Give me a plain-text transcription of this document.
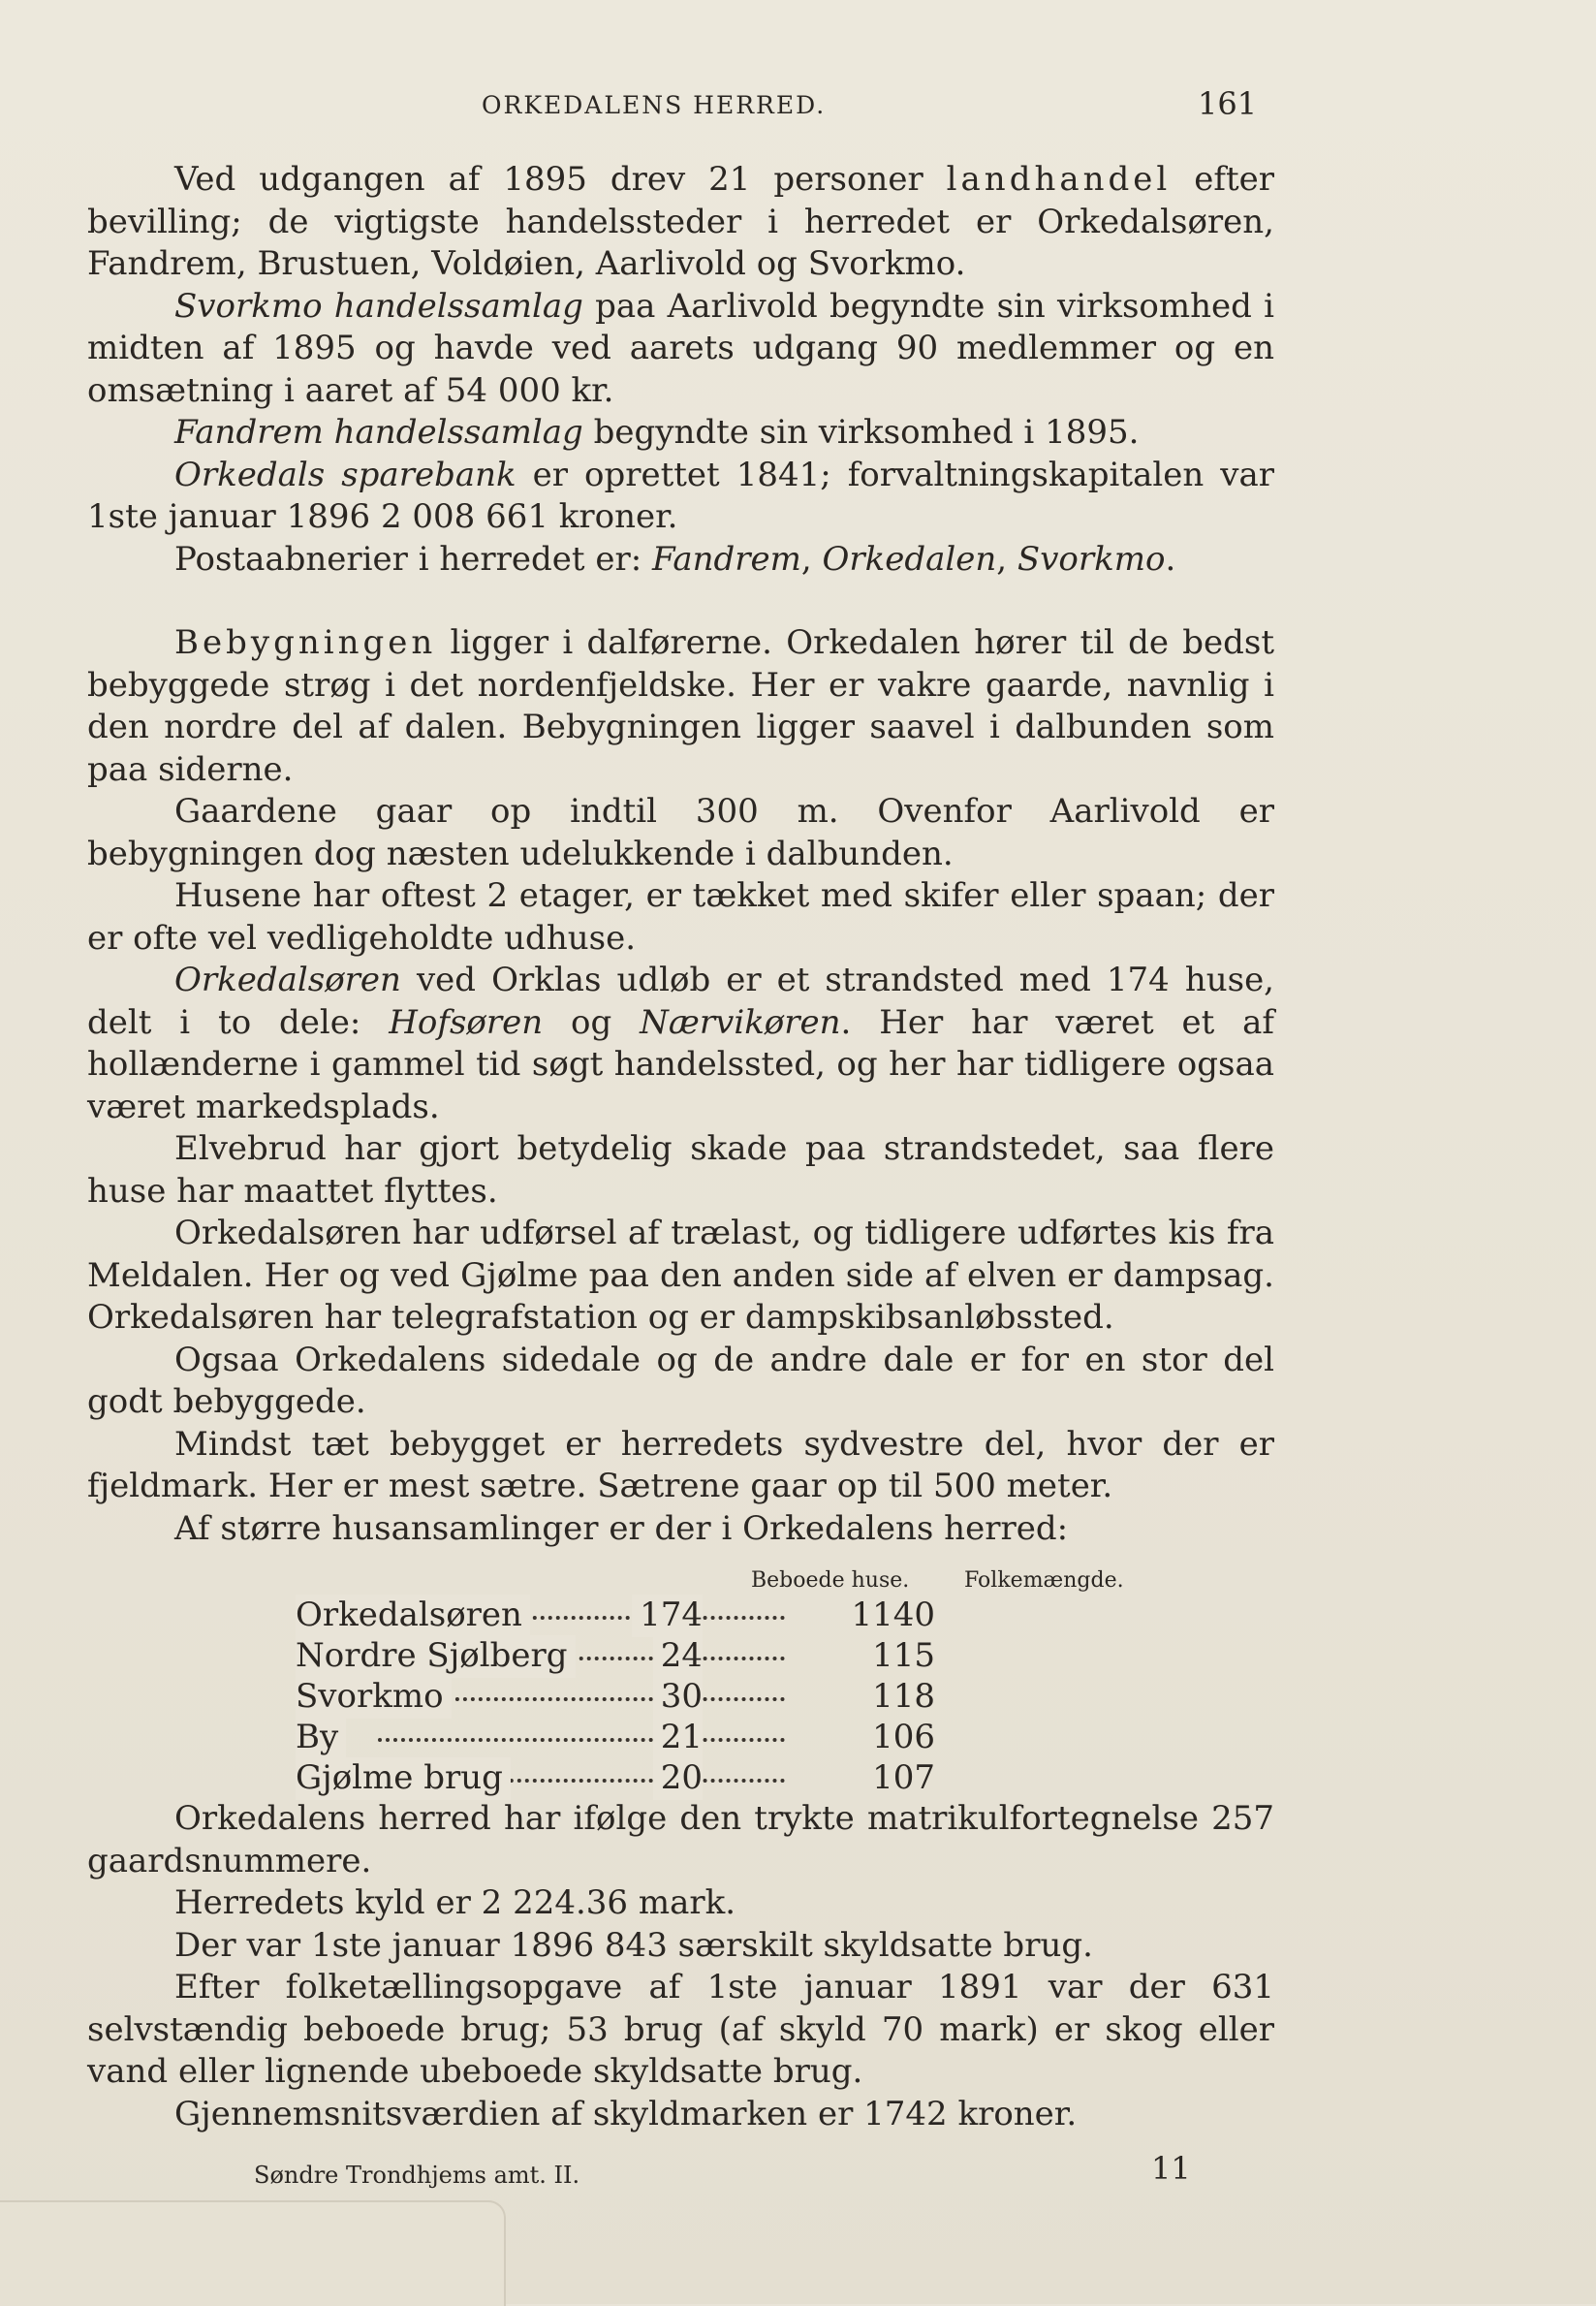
ORKEDALENS HERRED.	161

Ved udgangen af 1895 drev 21 personer landhandel efter bevilling; de vigtigste handelssteder i herredet er Orkedalsøren, Fandrem, Brustuen, Voldøien, Aarlivold og Svorkmo.

Svorkmo handelssamlag paa Aarlivold begyndte sin virksomhed i midten af 1895 og havde ved aarets udgang 90 medlemmer og en omsætning i aaret af 54 000 kr.

Fandrem handelssamlag begyndte sin virksomhed i 1895.

Orkedals sparebank er oprettet 1841; forvaltningskapitalen var 1ste januar 1896 2 008 661 kroner.

Postaabnerier i herredet er: Fandrem, Orkedalen, Svorkmo.

Bebygningen ligger i dalførerne. Orkedalen hører til de bedst bebyggede strøg i det nordenfjeldske. Her er vakre gaarde, navnlig i den nordre del af dalen. Bebygningen ligger saavel i dalbunden som paa siderne.

Gaardene gaar op indtil 300 m. Ovenfor Aarlivold er bebygningen dog næsten udelukkende i dalbunden.

Husene har oftest 2 etager, er tækket med skifer eller spaan; der er ofte vel vedligeholdte udhuse.

Orkedalsøren ved Orklas udløb er et strandsted med 174 huse, delt i to dele: Hofsøren og Nærvikøren. Her har været et af hollænderne i gammel tid søgt handelssted, og her har tidligere ogsaa været markedsplads.

Elvebrud har gjort betydelig skade paa strandstedet, saa flere huse har maattet flyttes.

Orkedalsøren har udførsel af trælast, og tidligere udførtes kis fra Meldalen. Her og ved Gjølme paa den anden side af elven er dampsag. Orkedalsøren har telegrafstation og er dampskibsanløbssted.

Ogsaa Orkedalens sidedale og de andre dale er for en stor del godt bebyggede.

Mindst tæt bebygget er herredets sydvestre del, hvor der er fjeldmark. Her er mest sætre. Sætrene gaar op til 500 meter.

Af større husansamlinger er der i Orkedalens herred:

Beboede huse.	Folkemængde.
Orkedalsøren	174	1140
Nordre Sjølberg	24	115
Svorkmo	30	118
By	21	106
Gjølme brug	20	107

Orkedalens herred har ifølge den trykte matrikulfortegnelse 257 gaardsnummere.

Herredets kyld er 2 224.36 mark.

Der var 1ste januar 1896 843 særskilt skyldsatte brug.

Efter folketællingsopgave af 1ste januar 1891 var der 631 selvstændig beboede brug; 53 brug (af skyld 70 mark) er skog eller vand eller lignende ubeboede skyldsatte brug.

Gjennemsnitsværdien af skyldmarken er 1742 kroner.

Søndre Trondhjems amt. II.	11
